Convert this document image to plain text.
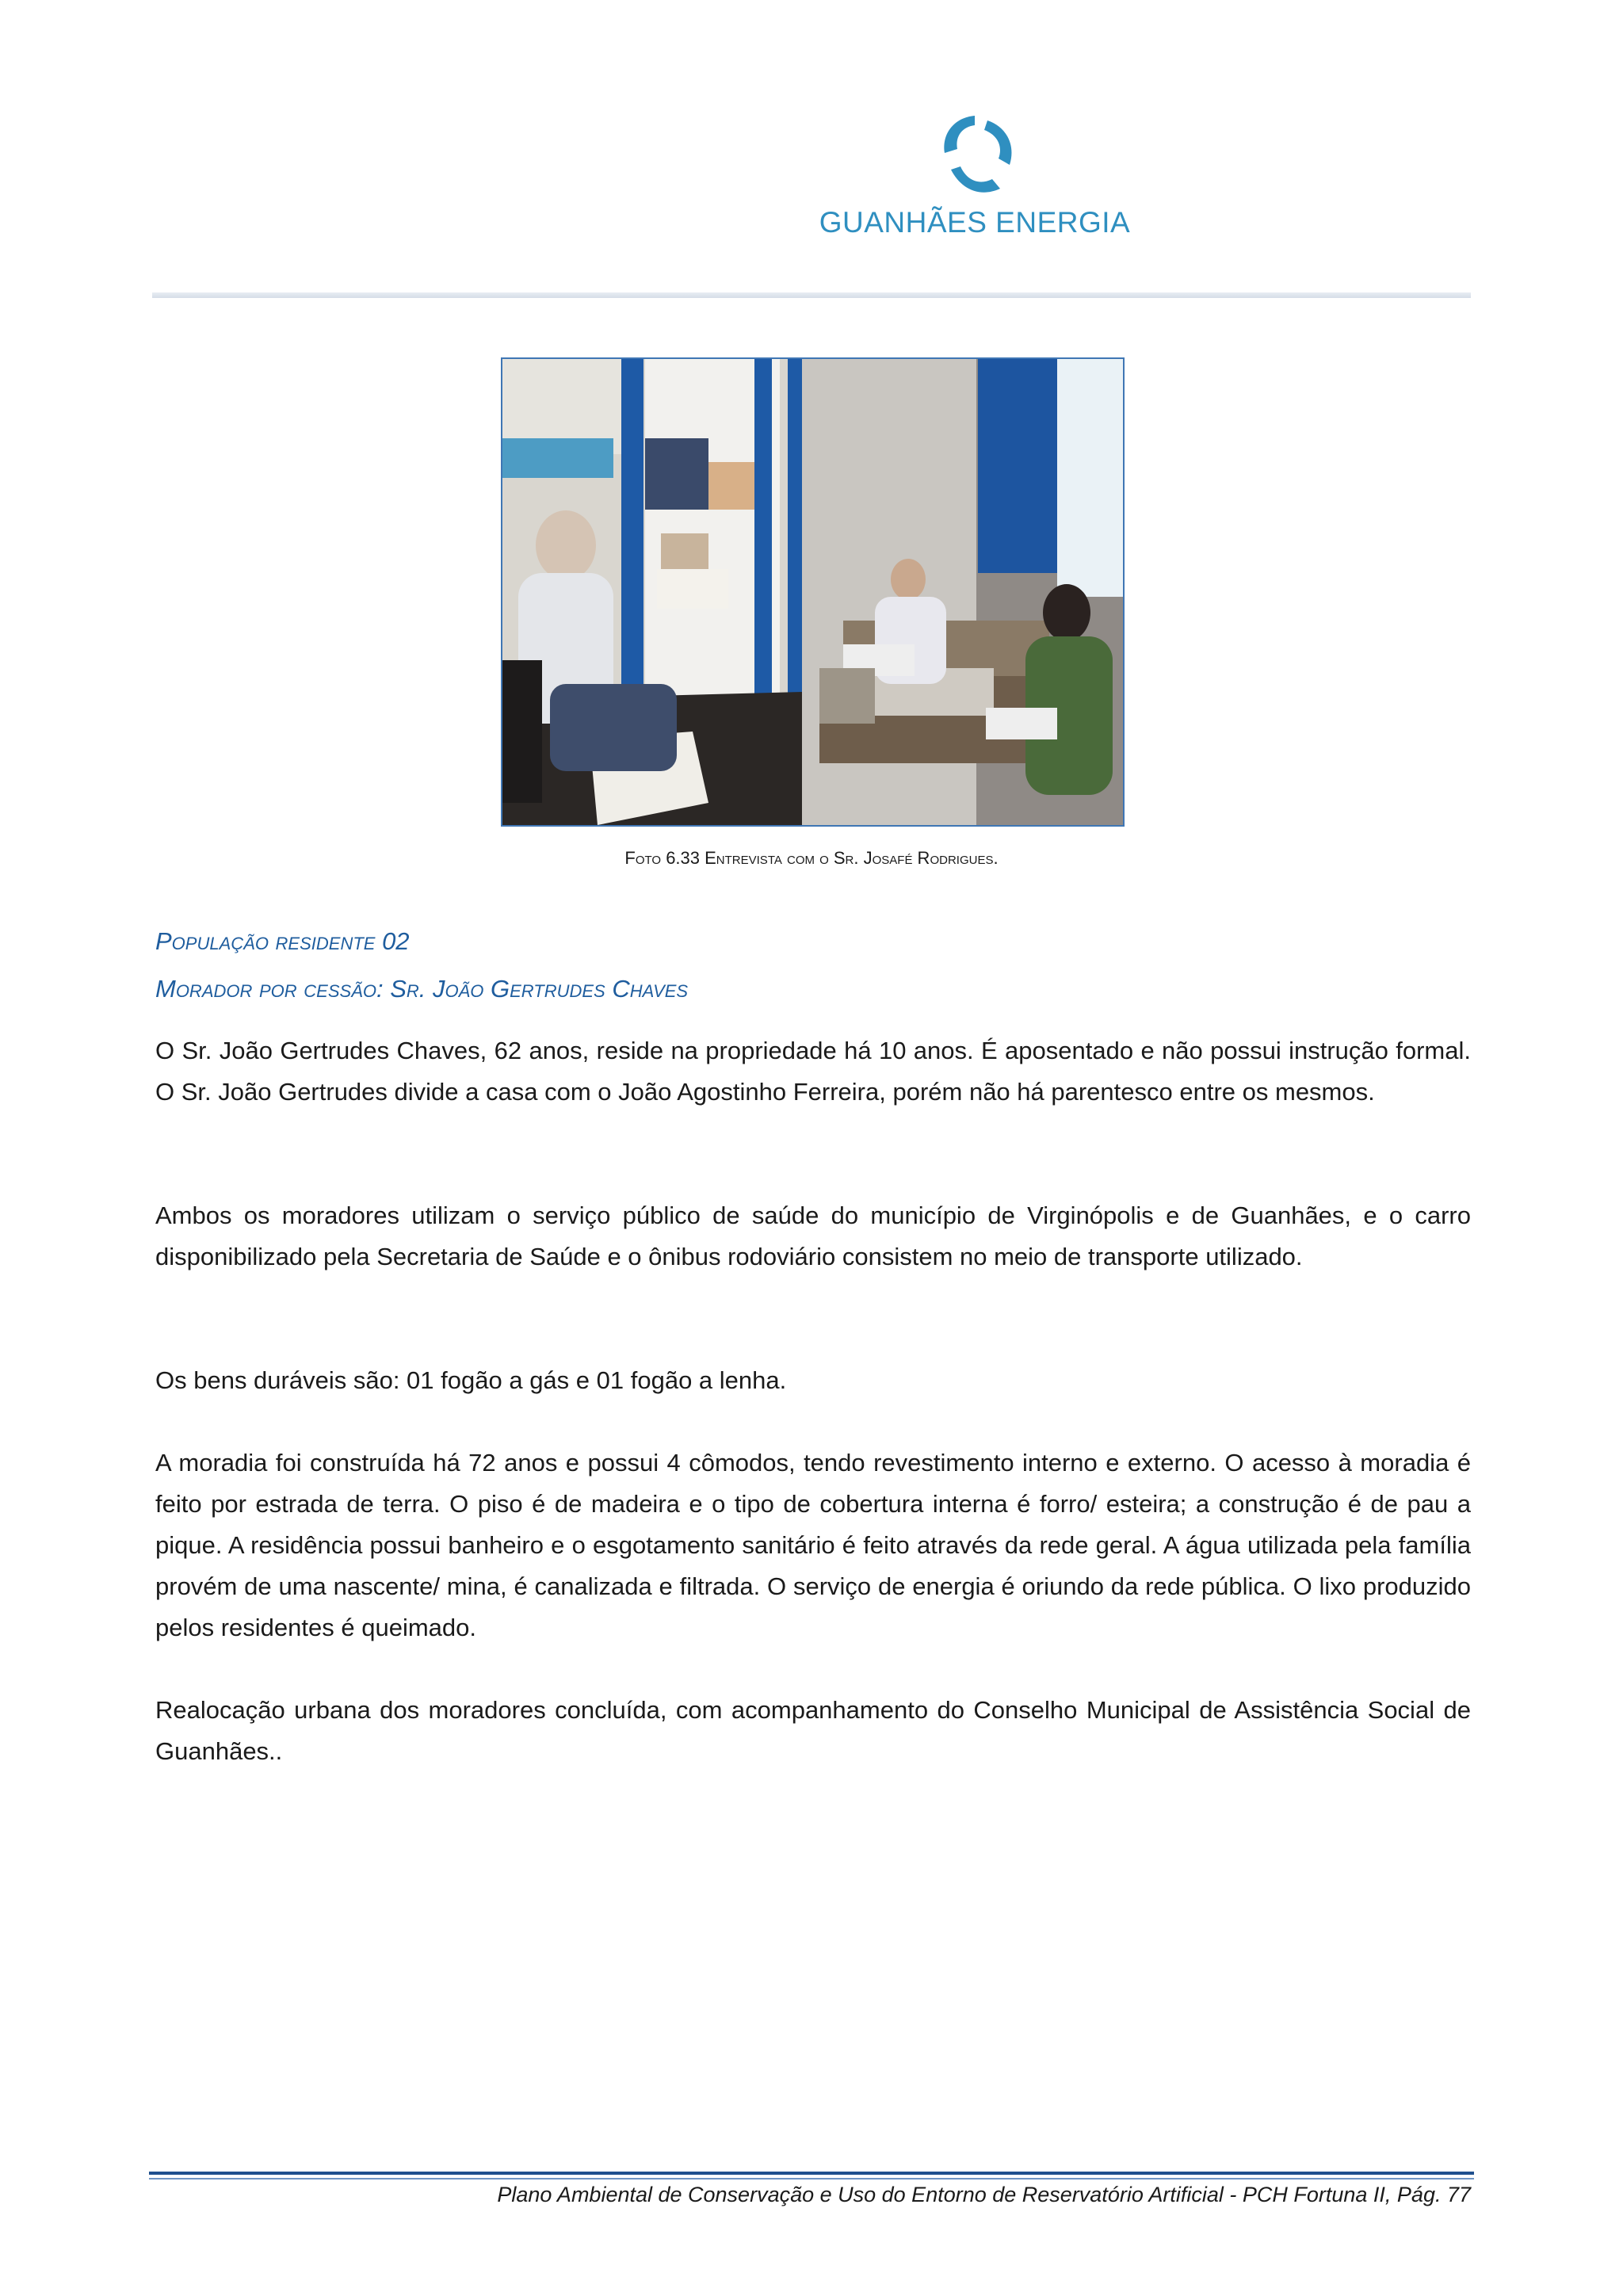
GUANHÃES ENERGIA
Foto 6.33 Entrevista com o Sr. Josafé Rodrigues.
População residente 02
Morador por cessão: Sr. João Gertrudes Chaves
O Sr. João Gertrudes Chaves, 62 anos, reside na propriedade há 10 anos. É aposentado e não possui instrução formal. O Sr. João Gertrudes divide a casa com o João Agostinho Ferreira, porém não há parentesco entre os mesmos.
Ambos os moradores utilizam o serviço público de saúde do município de Virginópolis e de Guanhães, e o carro disponibilizado pela Secretaria de Saúde e o ônibus rodoviário consistem no meio de transporte utilizado.
Os bens duráveis são: 01 fogão a gás e 01 fogão a lenha.
A moradia foi construída há 72 anos e possui 4 cômodos, tendo revestimento interno e externo. O acesso à moradia é feito por estrada de terra. O piso é de madeira e o tipo de cobertura interna é forro/ esteira; a construção é de pau a pique. A residência possui banheiro e o esgotamento sanitário é feito através da rede geral. A água utilizada pela família provém de uma nascente/ mina, é canalizada e filtrada. O serviço de energia é oriundo da rede pública. O lixo produzido pelos residentes é queimado.
Realocação urbana dos moradores concluída, com acompanhamento do Conselho Municipal de Assistência Social de Guanhães..
Plano Ambiental de Conservação e Uso do Entorno de Reservatório Artificial - PCH Fortuna II, Pág. 77
